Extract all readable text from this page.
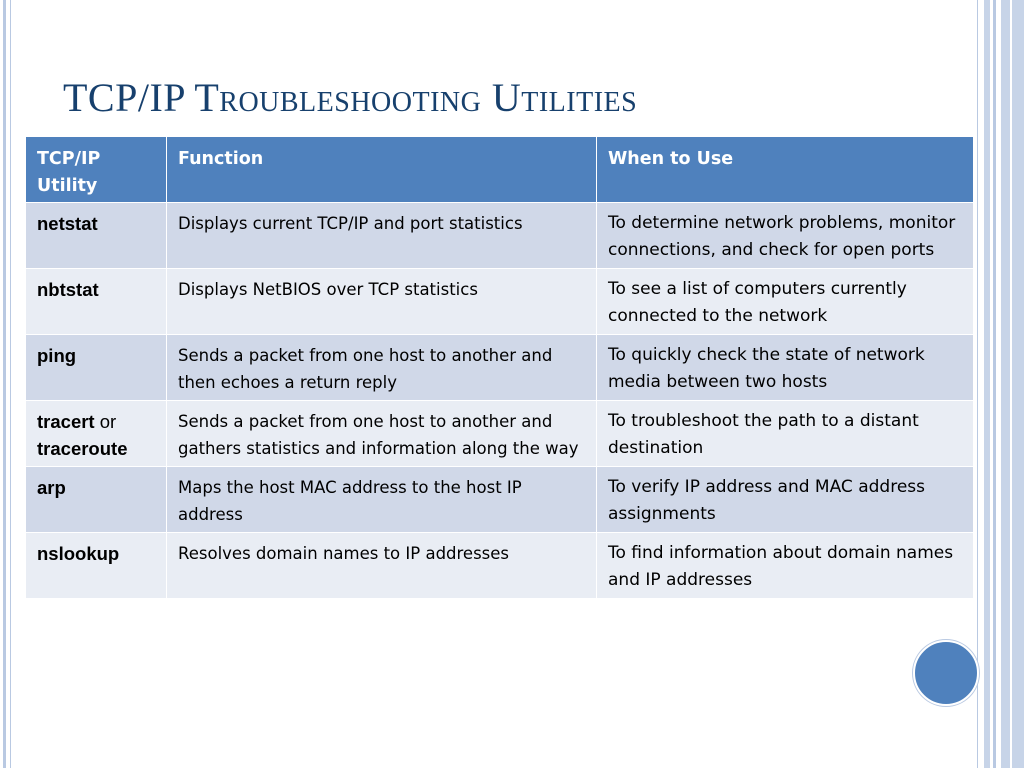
TCP/IP Troubleshooting Utilities
TCP/IP Utility	Function	When to Use
netstat	Displays current TCP/IP and port statistics	To determine network problems, monitor connections, and check for open ports
nbtstat	Displays NetBIOS over TCP statistics	To see a list of computers currently connected to the network
ping	Sends a packet from one host to another and then echoes a return reply	To quickly check the state of network media between two hosts
tracert or
traceroute	Sends a packet from one host to another and gathers statistics and information along the way	To troubleshoot the path to a distant destination
arp	Maps the host MAC address to the host IP address	To verify IP address and MAC address assignments
nslookup	Resolves domain names to IP addresses	To find information about domain names and IP addresses
